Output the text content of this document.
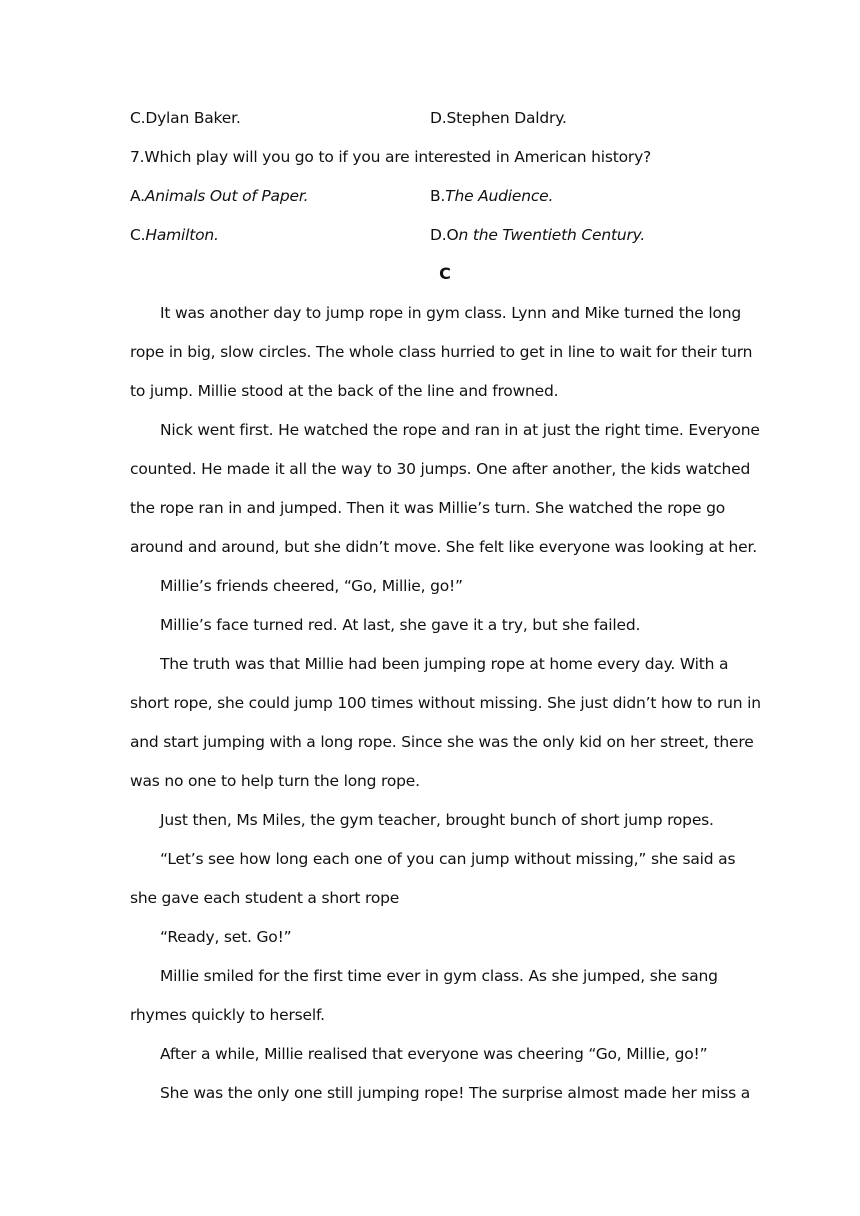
C.Dylan Baker.	D.Stephen Daldry.
7.Which play will you go to if you are interested in American history?
A.Animals Out of Paper.	B.The Audience.
C.Hamilton.	D.On the Twentieth Century.
C
It was another day to jump rope in gym class. Lynn and Mike turned the long
rope in big, slow circles. The whole class hurried to get in line to wait for their turn
to jump. Millie stood at the back of the line and frowned.
Nick went first. He watched the rope and ran in at just the right time. Everyone
counted. He made it all the way to 30 jumps. One after another, the kids watched
the rope ran in and jumped. Then it was Millie’s turn. She watched the rope go
around and around, but she didn’t move. She felt like everyone was looking at her.
Millie’s friends cheered, “Go, Millie, go!”
Millie’s face turned red. At last, she gave it a try, but she failed.
The truth was that Millie had been jumping rope at home every day. With a
short rope, she could jump 100 times without missing. She just didn’t how to run in
and start jumping with a long rope. Since she was the only kid on her street, there
was no one to help turn the long rope.
Just then, Ms Miles, the gym teacher, brought bunch of short jump ropes.
“Let’s see how long each one of you can jump without missing,” she said as
she gave each student a short rope
“Ready, set. Go!”
Millie smiled for the first time ever in gym class. As she jumped, she sang
rhymes quickly to herself.
After a while, Millie realised that everyone was cheering “Go, Millie, go!”
She was the only one still jumping rope! The surprise almost made her miss a
